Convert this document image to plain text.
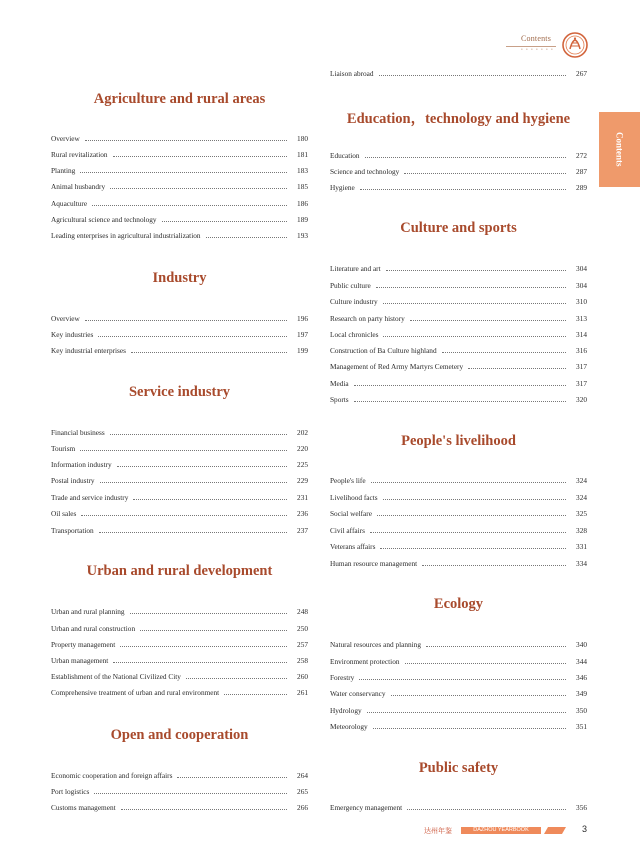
Contents
• • • • • • •
Contents
Agriculture and rural areas
Overview	180
Rural revitalization	181
Planting	183
Animal husbandry	185
Aquaculture	186
Agricultural science and technology	189
Leading enterprises in agricultural industrialization	193
Industry
Overview	196
Key industries	197
Key industrial enterprises	199
Service industry
Financial business	202
Tourism	220
Information industry	225
Postal industry	229
Trade and service industry	231
Oil sales	236
Transportation	237
Urban and rural development
Urban and rural planning	248
Urban and rural construction	250
Property management	257
Urban management	258
Establishment of the National Civilized City	260
Comprehensive treatment of urban and rural environment	261
Open and cooperation
Economic cooperation and foreign affairs	264
Port logistics	265
Customs management	266
Liaison abroad	267
Education，technology and hygiene
Education	272
Science and technology	287
Hygiene	289
Culture and sports
Literature and art	304
Public culture	304
Culture industry	310
Research on party history	313
Local chronicles	314
Construction of Ba Culture highland	316
Management of Red Army Martyrs Cemetery	317
Media	317
Sports	320
People's livelihood
People's life	324
Livelihood facts	324
Social welfare	325
Civil affairs	328
Veterans affairs	331
Human resource management	334
Ecology
Natural resources and planning	340
Environment protection	344
Forestry	346
Water conservancy	349
Hydrology	350
Meteorology	351
Public safety
Emergency management	356
达州年鉴	DAZHOU YEARBOOK	3
